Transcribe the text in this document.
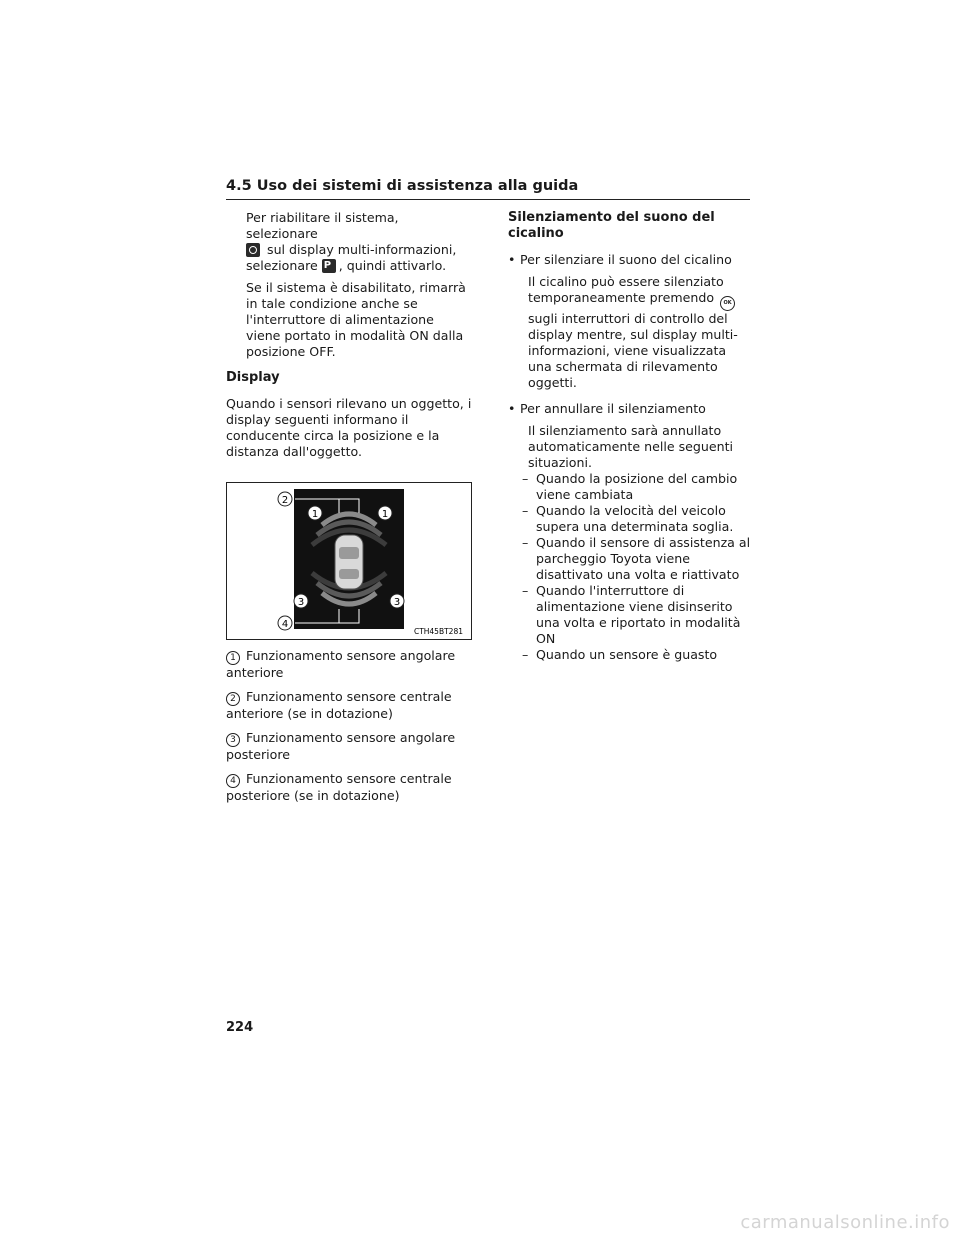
4.5 Uso dei sistemi di assistenza alla guida

Per riabilitare il sistema, selezionare
sul display multi-informazioni,
selezionare P , quindi attivarlo.

Se il sistema è disabilitato, rimarrà in tale condizione anche se l'interruttore di alimentazione viene portato in modalità ON dalla posizione OFF.

Display

Quando i sensori rilevano un oggetto, i display seguenti informano il conducente circa la posizione e la distanza dall'oggetto.

2
1	1
3	3
4
CTH45BT281
1 Funzionamento sensore angolare anteriore
2 Funzionamento sensore centrale anteriore (se in dotazione)
3 Funzionamento sensore angolare posteriore
4 Funzionamento sensore centrale posteriore (se in dotazione)

Silenziamento del suono del cicalino

• Per silenziare il suono del cicalino

Il cicalino può essere silenziato temporaneamente premendo OK sugli interruttori di controllo del display mentre, sul display multi-informazioni, viene visualizzata una schermata di rilevamento oggetti.

• Per annullare il silenziamento

Il silenziamento sarà annullato automaticamente nelle seguenti situazioni.

– Quando la posizione del cambio viene cambiata
– Quando la velocità del veicolo supera una determinata soglia.
– Quando il sensore di assistenza al parcheggio Toyota viene disattivato una volta e riattivato
– Quando l'interruttore di alimentazione viene disinserito una volta e riportato in modalità ON
– Quando un sensore è guasto
224
carmanualsonline.info
